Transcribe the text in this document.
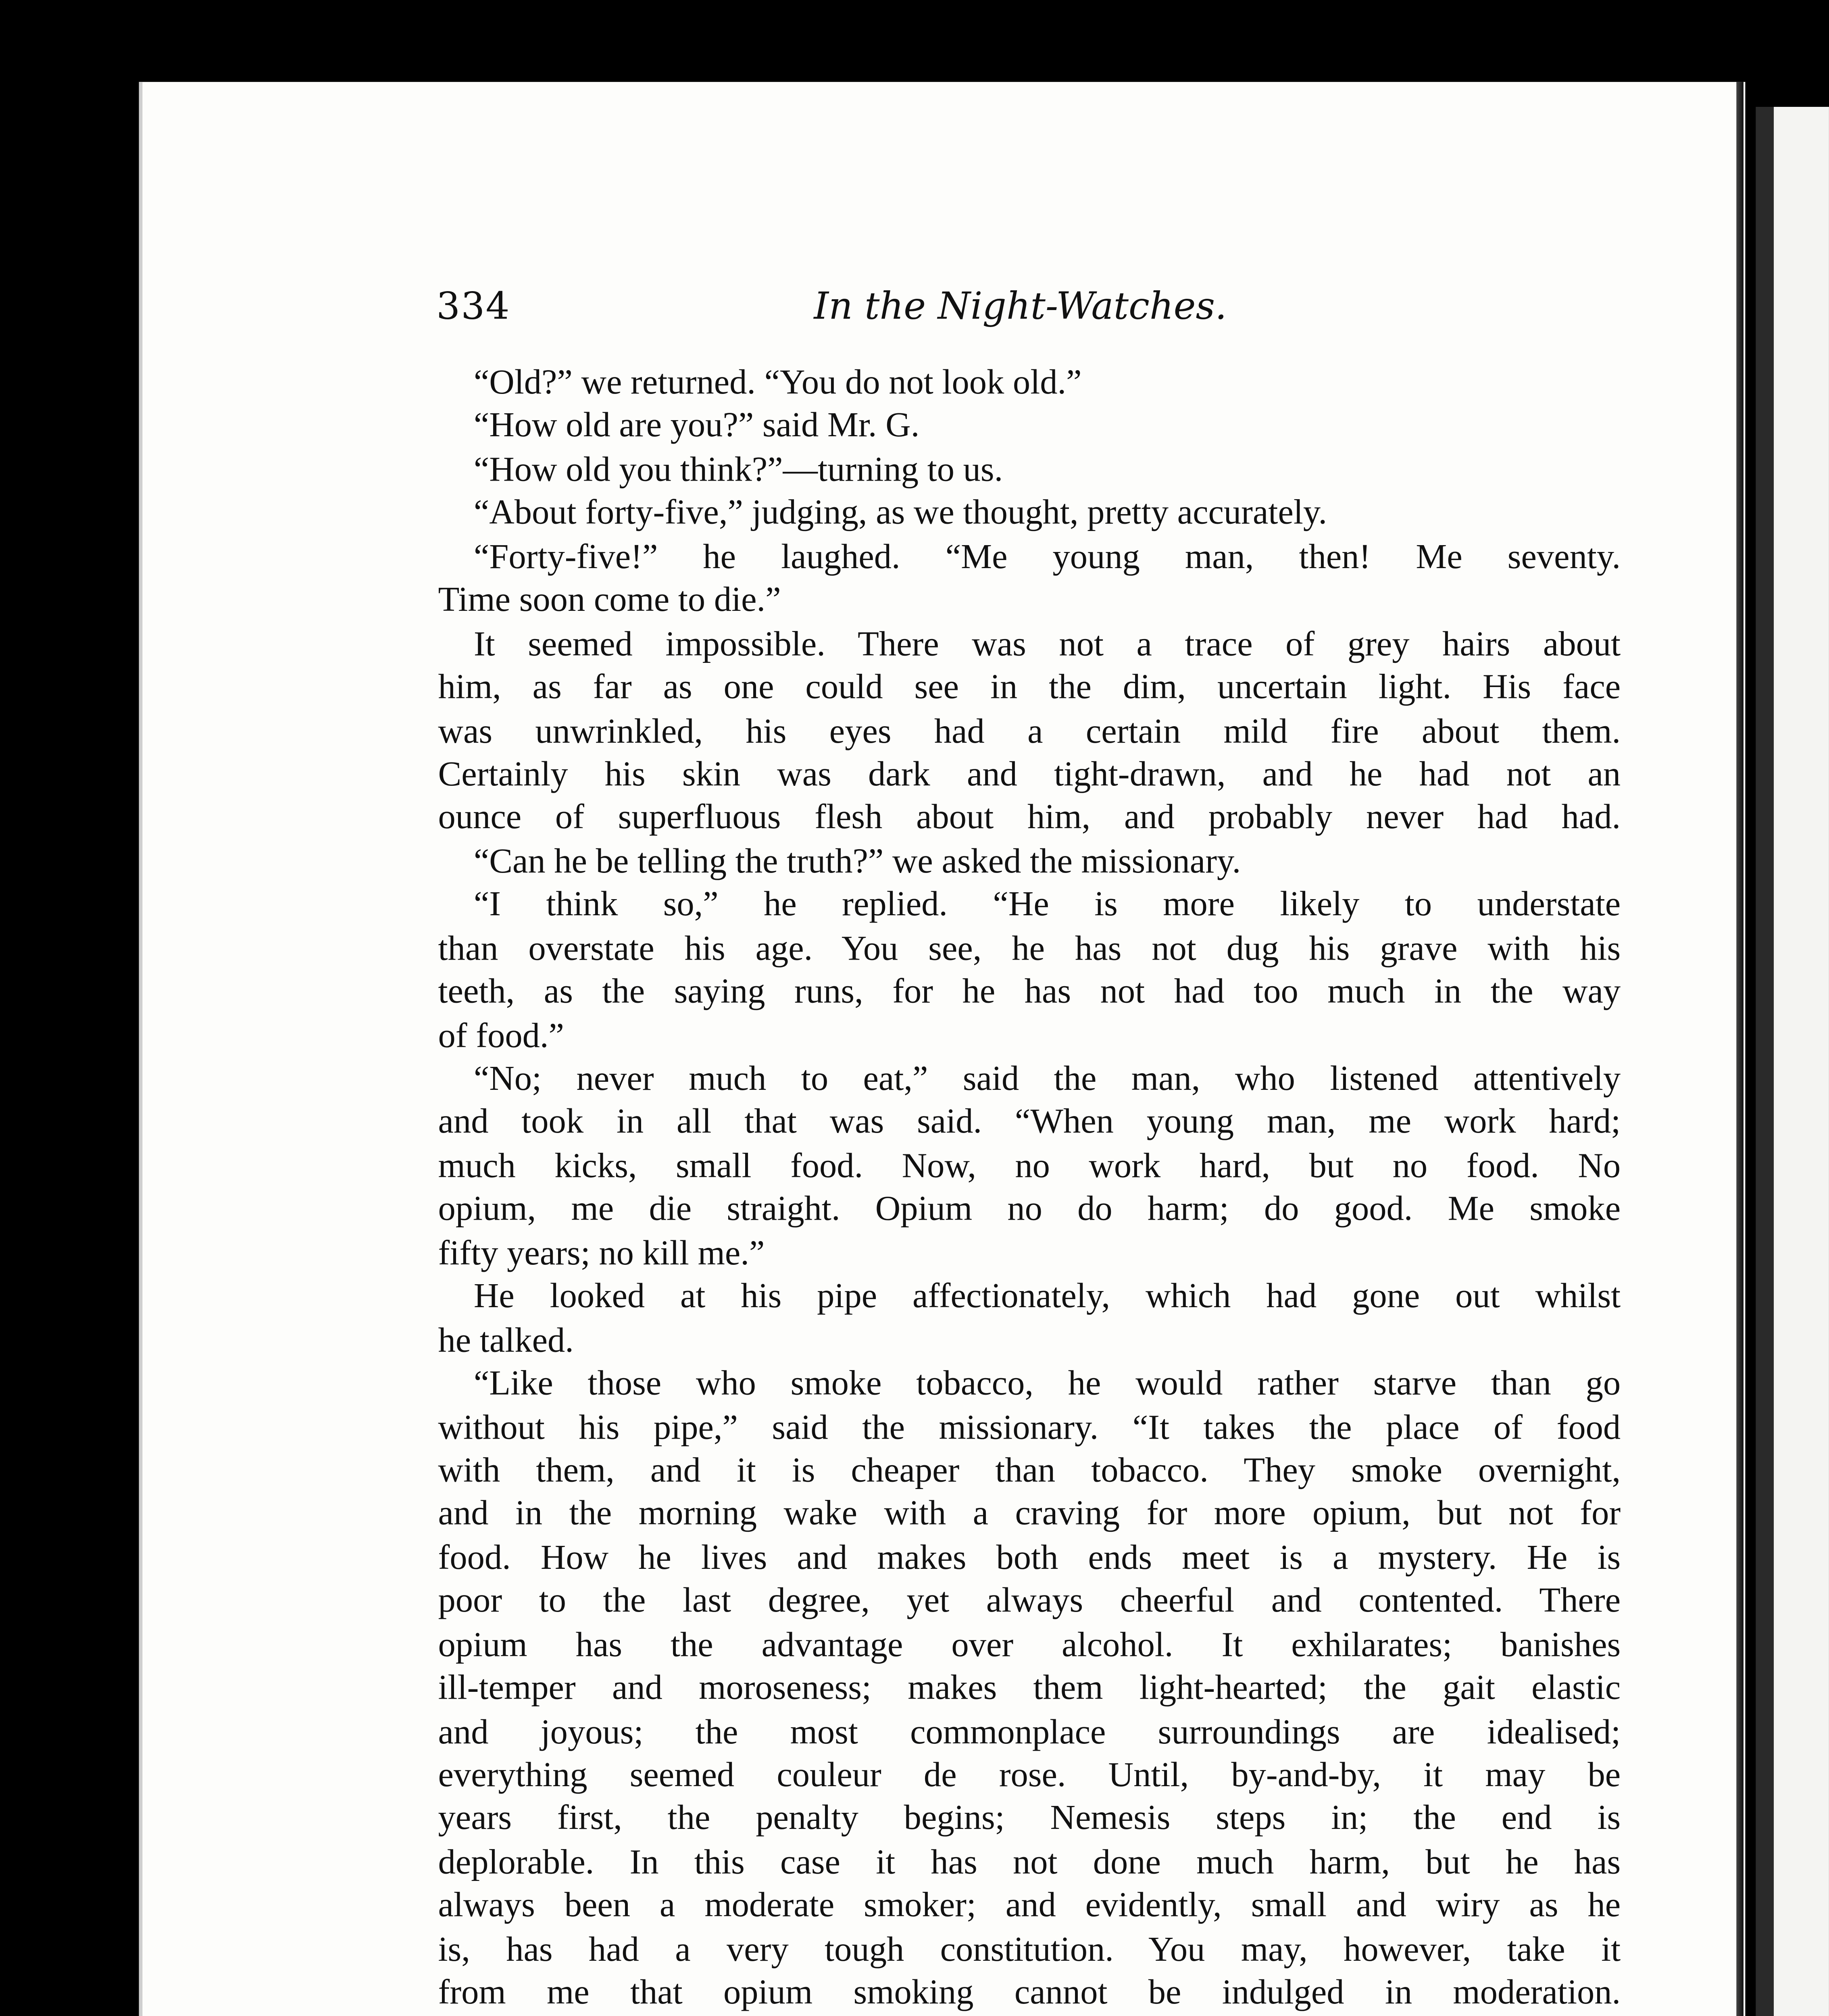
334	In the Night-Watches.
“Old?” we returned. “You do not look old.”
“How old are you?” said Mr. G.
“How old you think?”—turning to us.
“About forty-five,” judging, as we thought, pretty accurately.
“Forty-five!” he laughed. “Me young man, then! Me seventy.
Time soon come to die.”
It seemed impossible. There was not a trace of grey hairs about
him, as far as one could see in the dim, uncertain light. His face
was unwrinkled, his eyes had a certain mild fire about them.
Certainly his skin was dark and tight-drawn, and he had not an
ounce of superfluous flesh about him, and probably never had had.
“Can he be telling the truth?” we asked the missionary.
“I think so,” he replied. “He is more likely to understate
than overstate his age. You see, he has not dug his grave with his
teeth, as the saying runs, for he has not had too much in the way
of food.”
“No; never much to eat,” said the man, who listened attentively
and took in all that was said. “When young man, me work hard;
much kicks, small food. Now, no work hard, but no food. No
opium, me die straight. Opium no do harm; do good. Me smoke
fifty years; no kill me.”
He looked at his pipe affectionately, which had gone out whilst
he talked.
“Like those who smoke tobacco, he would rather starve than go
without his pipe,” said the missionary. “It takes the place of food
with them, and it is cheaper than tobacco. They smoke overnight,
and in the morning wake with a craving for more opium, but not for
food. How he lives and makes both ends meet is a mystery. He is
poor to the last degree, yet always cheerful and contented. There
opium has the advantage over alcohol. It exhilarates; banishes
ill-temper and moroseness; makes them light-hearted; the gait elastic
and joyous; the most commonplace surroundings are idealised;
everything seemed couleur de rose. Until, by-and-by, it may be
years first, the penalty begins; Nemesis steps in; the end is
deplorable. In this case it has not done much harm, but he has
always been a moderate smoker; and evidently, small and wiry as he
is, has had a very tough constitution. You may, however, take it
from me that opium smoking cannot be indulged in moderation.
